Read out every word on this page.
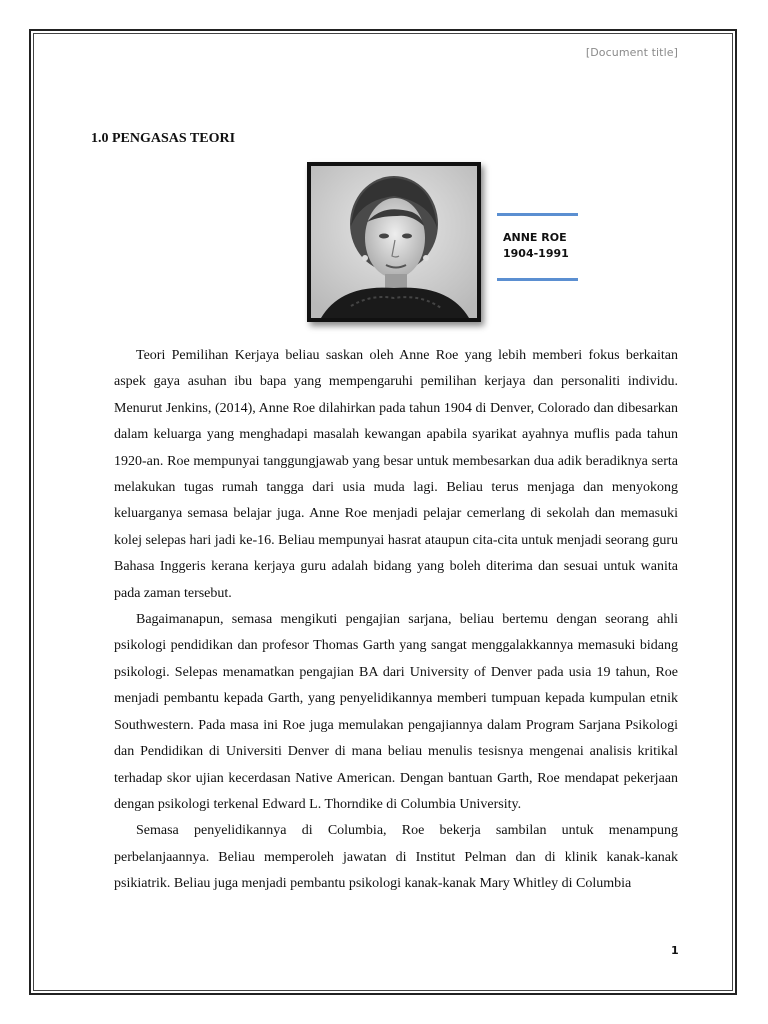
[Document title]
1.0 PENGASAS TEORI
ANNE ROE
1904-1991

Teori Pemilihan Kerjaya beliau saskan oleh Anne Roe yang lebih memberi fokus berkaitan aspek gaya asuhan ibu bapa yang mempengaruhi pemilihan kerjaya dan personaliti individu. Menurut Jenkins, (2014), Anne Roe dilahirkan pada tahun 1904 di Denver, Colorado dan dibesarkan dalam keluarga yang menghadapi masalah kewangan apabila syarikat ayahnya muflis pada tahun 1920-an. Roe mempunyai tanggungjawab yang besar untuk membesarkan dua adik beradiknya serta melakukan tugas rumah tangga dari usia muda lagi. Beliau terus menjaga dan menyokong keluarganya semasa belajar juga. Anne Roe menjadi pelajar cemerlang di sekolah dan memasuki kolej selepas hari jadi ke-16. Beliau mempunyai hasrat ataupun cita-cita untuk menjadi seorang guru Bahasa Inggeris kerana kerjaya guru adalah bidang yang boleh diterima dan sesuai untuk wanita pada zaman tersebut.

Bagaimanapun, semasa mengikuti pengajian sarjana, beliau bertemu dengan seorang ahli psikologi pendidikan dan profesor Thomas Garth yang sangat menggalakkannya memasuki bidang psikologi. Selepas menamatkan pengajian BA dari University of Denver pada usia 19 tahun, Roe menjadi pembantu kepada Garth, yang penyelidikannya memberi tumpuan kepada kumpulan etnik Southwestern. Pada masa ini Roe juga memulakan pengajiannya dalam Program Sarjana Psikologi dan Pendidikan di Universiti Denver di mana beliau menulis tesisnya mengenai analisis kritikal terhadap skor ujian kecerdasan Native American. Dengan bantuan Garth, Roe mendapat pekerjaan dengan psikologi terkenal Edward L. Thorndike di Columbia University.

Semasa penyelidikannya di Columbia, Roe bekerja sambilan untuk menampung perbelanjaannya. Beliau memperoleh jawatan di Institut Pelman dan di klinik kanak-kanak psikiatrik. Beliau juga menjadi pembantu psikologi kanak-kanak Mary Whitley di Columbia

1
